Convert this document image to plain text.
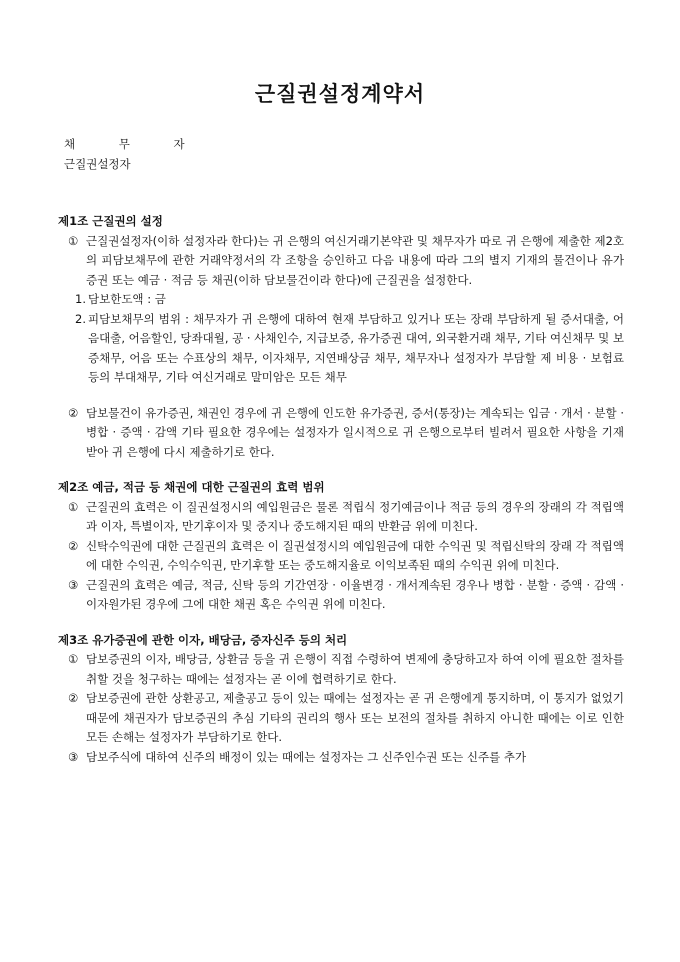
근질권설정계약서
채 무 자
근질권설정자
제1조 근질권의 설정
① 근질권설정자(이하 설정자라 한다)는 귀 은행의 여신거래기본약관 및 채무자가 따로 귀 은행에 제출한 제2호의 피담보채무에 관한 거래약정서의 각 조항을 승인하고 다음 내용에 따라 그의 별지 기재의 물건이나 유가증권 또는 예금 · 적금 등 채권(이하 담보물건이라 한다)에 근질권을 설정한다.
1. 담보한도액 : 금
2. 피담보채무의 범위 : 채무자가 귀 은행에 대하여 현재 부담하고 있거나 또는 장래 부담하게 될 증서대출, 어음대출, 어음할인, 당좌대월, 공 · 사채인수, 지급보증, 유가증권 대여, 외국환거래 채무, 기타 여신채무 및 보증채무, 어음 또는 수표상의 채무, 이자채무, 지연배상금 채무, 채무자나 설정자가 부담할 제 비용 · 보험료 등의 부대채무, 기타 여신거래로 말미암은 모든 채무
② 담보물건이 유가증권, 채권인 경우에 귀 은행에 인도한 유가증권, 증서(통장)는 계속되는 입금 · 개서 · 분할 · 병합 · 증액 · 감액 기타 필요한 경우에는 설정자가 일시적으로 귀 은행으로부터 빌려서 필요한 사항을 기재받아 귀 은행에 다시 제출하기로 한다.
제2조 예금, 적금 등 채권에 대한 근질권의 효력 범위
① 근질권의 효력은 이 질권설정시의 예입원금은 물론 적립식 정기예금이나 적금 등의 경우의 장래의 각 적립액과 이자, 특별이자, 만기후이자 및 중지나 중도해지된 때의 반환금 위에 미친다.
② 신탁수익권에 대한 근질권의 효력은 이 질권설정시의 예입원금에 대한 수익권 및 적립신탁의 장래 각 적립액에 대한 수익권, 수익수익권, 만기후할 또는 중도해지율로 이익보족된 때의 수익권 위에 미친다.
③ 근질권의 효력은 예금, 적금, 신탁 등의 기간연장 · 이율변경 · 개서계속된 경우나 병합 · 분할 · 증액 · 감액 · 이자원가된 경우에 그에 대한 채권 혹은 수익권 위에 미친다.
제3조 유가증권에 관한 이자, 배당금, 증자신주 등의 처리
① 담보증권의 이자, 배당금, 상환금 등을 귀 은행이 직접 수령하여 변제에 충당하고자 하여 이에 필요한 절차를 취할 것을 청구하는 때에는 설정자는 곧 이에 협력하기로 한다.
② 담보증권에 관한 상환공고, 제출공고 등이 있는 때에는 설정자는 곧 귀 은행에게 통지하며, 이 통지가 없었기 때문에 채권자가 담보증권의 추심 기타의 권리의 행사 또는 보전의 절차를 취하지 아니한 때에는 이로 인한 모든 손해는 설정자가 부담하기로 한다.
③ 담보주식에 대하여 신주의 배정이 있는 때에는 설정자는 그 신주인수권 또는 신주를 추가
